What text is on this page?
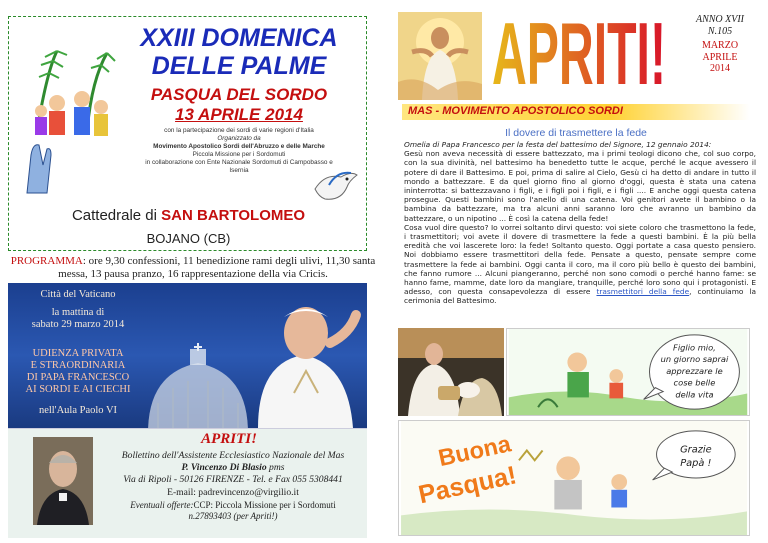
XXIII DOMENICA
DELLE PALME
PASQUA DEL SORDO
13 APRILE 2014
con la partecipazione dei sordi di varie regioni d'Italia
Organizzato da
Movimento Apostolico Sordi dell'Abruzzo e delle Marche
Piccola Missione per i Sordomuti
in collaborazione con Ente Nazionale Sordomuti di Campobasso e Isernia
Cattedrale di SAN BARTOLOMEO
BOJANO (CB)
PROGRAMMA: ore 9,30 confessioni, 11 benedizione rami degli ulivi, 11,30 santa messa, 13 pausa pranzo, 16 rappresentazione della via Cricis.
Città del Vaticano
la mattina di
sabato 29 marzo 2014
UDIENZA PRIVATA
E STRAORDINARIA
DI PAPA FRANCESCO
AI SORDI E AI CIECHI
nell'Aula Paolo VI
APRITI!
Bollettino dell'Assistente Ecclesiastico Nazionale del Mas
P. Vincenzo Di Blasio pms
Via di Ripoli - 50126 FIRENZE - Tel. e Fax 055 5308441
E-mail: padrevincenzo@virgilio.it
Eventuali offerte:CCP: Piccola Missione per i Sordomuti
n.27893403 (per Apriti!)
APRITI!	ANNO XVII
N.105
MARZO
APRILE
2014
MAS - MOVIMENTO APOSTOLICO SORDI
Il dovere di trasmettere la fede

Omelia di Papa Francesco per la festa del battesimo del Signore, 12 gennaio 2014:

Gesù non aveva necessità di essere battezzato, ma i primi teologi dicono che, col suo corpo, con la sua divinità, nel battesimo ha benedetto tutte le acque, perché le acque avessero il potere di dare il Battesimo. E poi, prima di salire al Cielo, Gesù ci ha detto di andare in tutto il mondo a battezzare. E da quel giorno fino al giorno d'oggi, questa è stata una catena ininterrotta: si battezzavano i figli, e i figli poi i figli, e i figli .... E anche oggi questa catena prosegue. Questi bambini sono l'anello di una catena. Voi genitori avete il bambino o la bambina da battezzare, ma tra alcuni anni saranno loro che avranno un bambino da battezzare, o un nipotino ... È così la catena della fede!

Cosa vuol dire questo? Io vorrei soltanto dirvi questo: voi siete coloro che trasmettono la fede, i trasmettitori; voi avete il dovere di trasmettere la fede a questi bambini. È la più bella eredità che voi lascerete loro: la fede! Soltanto questo. Oggi portate a casa questo pensiero. Noi dobbiamo essere trasmettitori della fede. Pensate a questo, pensate sempre come trasmettere la fede ai bambini. Oggi canta il coro, ma il coro più bello è questo dei bambini, che fanno rumore ... Alcuni piangeranno, perché non sono comodi o perché hanno fame: se hanno fame, mamme, date loro da mangiare, tranquille, perché loro sono qui i protagonisti. E adesso, con questa consapevolezza di essere trasmettitori della fede, continuiamo la cerimonia del Battesimo.

Figlio mio,
un giorno saprai
apprezzare le
cose belle
della vita
Buona
Pasqua!
Grazie
Papà !
